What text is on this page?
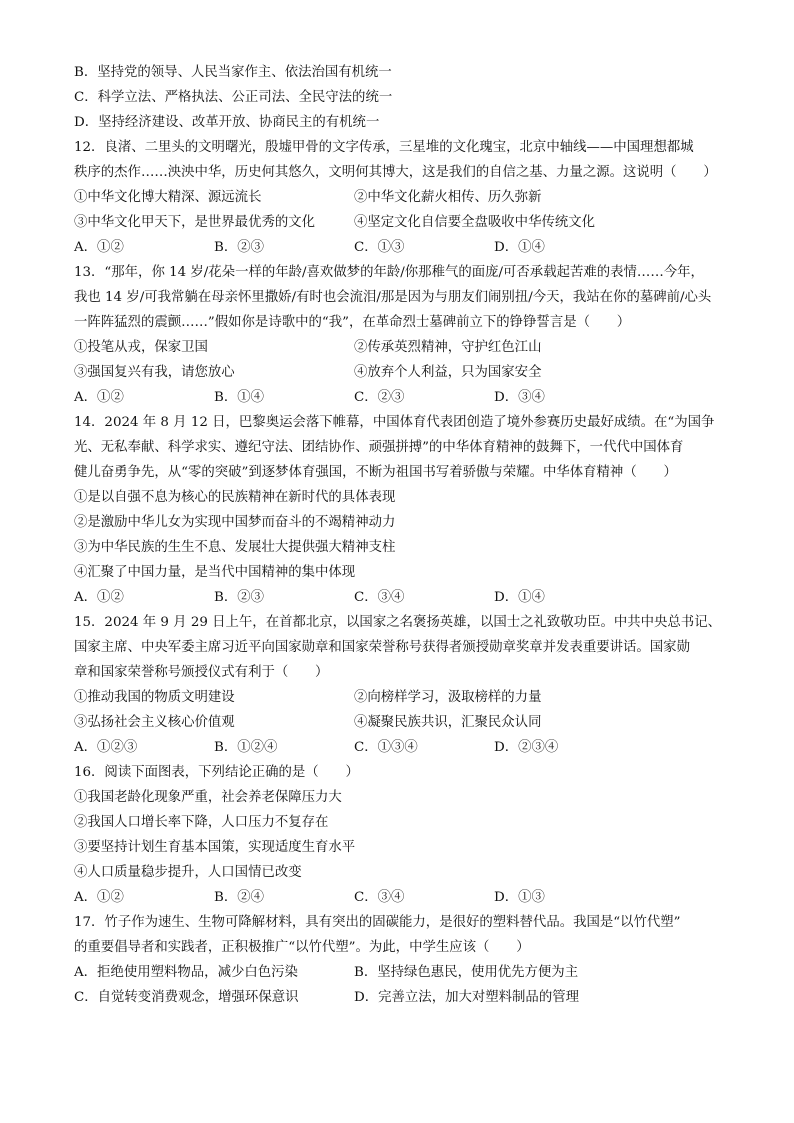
B．坚持党的领导、人民当家作主、依法治国有机统一
C．科学立法、严格执法、公正司法、全民守法的统一
D．坚持经济建设、改革开放、协商民主的有机统一
12．良渚、二里头的文明曙光，殷墟甲骨的文字传承，三星堆的文化瑰宝，北京中轴线——中国理想都城
秩序的杰作……泱泱中华，历史何其悠久，文明何其博大，这是我们的自信之基、力量之源。这说明（　　）
①中华文化博大精深、源远流长	②中华文化薪火相传、历久弥新
③中华文化甲天下，是世界最优秀的文化	④坚定文化自信要全盘吸收中华传统文化
A．①②	B．②③	C．①③	D．①④
13．“那年，你 14 岁/花朵一样的年龄/喜欢做梦的年龄/你那稚气的面庞/可否承载起苦难的表情……今年，
我也 14 岁/可我常躺在母亲怀里撒娇/有时也会流泪/那是因为与朋友们闹别扭/今天，我站在你的墓碑前/心头
一阵阵猛烈的震颤……”假如你是诗歌中的“我”，在革命烈士墓碑前立下的铮铮誓言是（　　）
①投笔从戎，保家卫国	②传承英烈精神，守护红色江山
③强国复兴有我，请您放心	④放弃个人利益，只为国家安全
A．①②	B．①④	C．②③	D．③④
14．2024 年 8 月 12 日，巴黎奥运会落下帷幕，中国体育代表团创造了境外参赛历史最好成绩。在“为国争
光、无私奉献、科学求实、遵纪守法、团结协作、顽强拼搏”的中华体育精神的鼓舞下，一代代中国体育
健儿奋勇争先，从“零的突破”到逐梦体育强国，不断为祖国书写着骄傲与荣耀。中华体育精神（　　）
①是以自强不息为核心的民族精神在新时代的具体表现
②是激励中华儿女为实现中国梦而奋斗的不竭精神动力
③为中华民族的生生不息、发展壮大提供强大精神支柱
④汇聚了中国力量，是当代中国精神的集中体现
A．①②	B．②③	C．③④	D．①④
15．2024 年 9 月 29 日上午，在首都北京，以国家之名褒扬英雄，以国士之礼致敬功臣。中共中央总书记、
国家主席、中央军委主席习近平向国家勋章和国家荣誉称号获得者颁授勋章奖章并发表重要讲话。国家勋
章和国家荣誉称号颁授仪式有利于（　　）
①推动我国的物质文明建设	②向榜样学习，汲取榜样的力量
③弘扬社会主义核心价值观	④凝聚民族共识，汇聚民众认同
A．①②③	B．①②④	C．①③④	D．②③④
16．阅读下面图表，下列结论正确的是（　　）
①我国老龄化现象严重，社会养老保障压力大
②我国人口增长率下降，人口压力不复存在
③要坚持计划生育基本国策，实现适度生育水平
④人口质量稳步提升，人口国情已改变
A．①②	B．②④	C．③④	D．①③
17．竹子作为速生、生物可降解材料，具有突出的固碳能力，是很好的塑料替代品。我国是“以竹代塑”
的重要倡导者和实践者，正积极推广“以竹代塑”。为此，中学生应该（　　）
A．拒绝使用塑料物品，减少白色污染	B．坚持绿色惠民，使用优先方便为主
C．自觉转变消费观念，增强环保意识	D．完善立法，加大对塑料制品的管理
